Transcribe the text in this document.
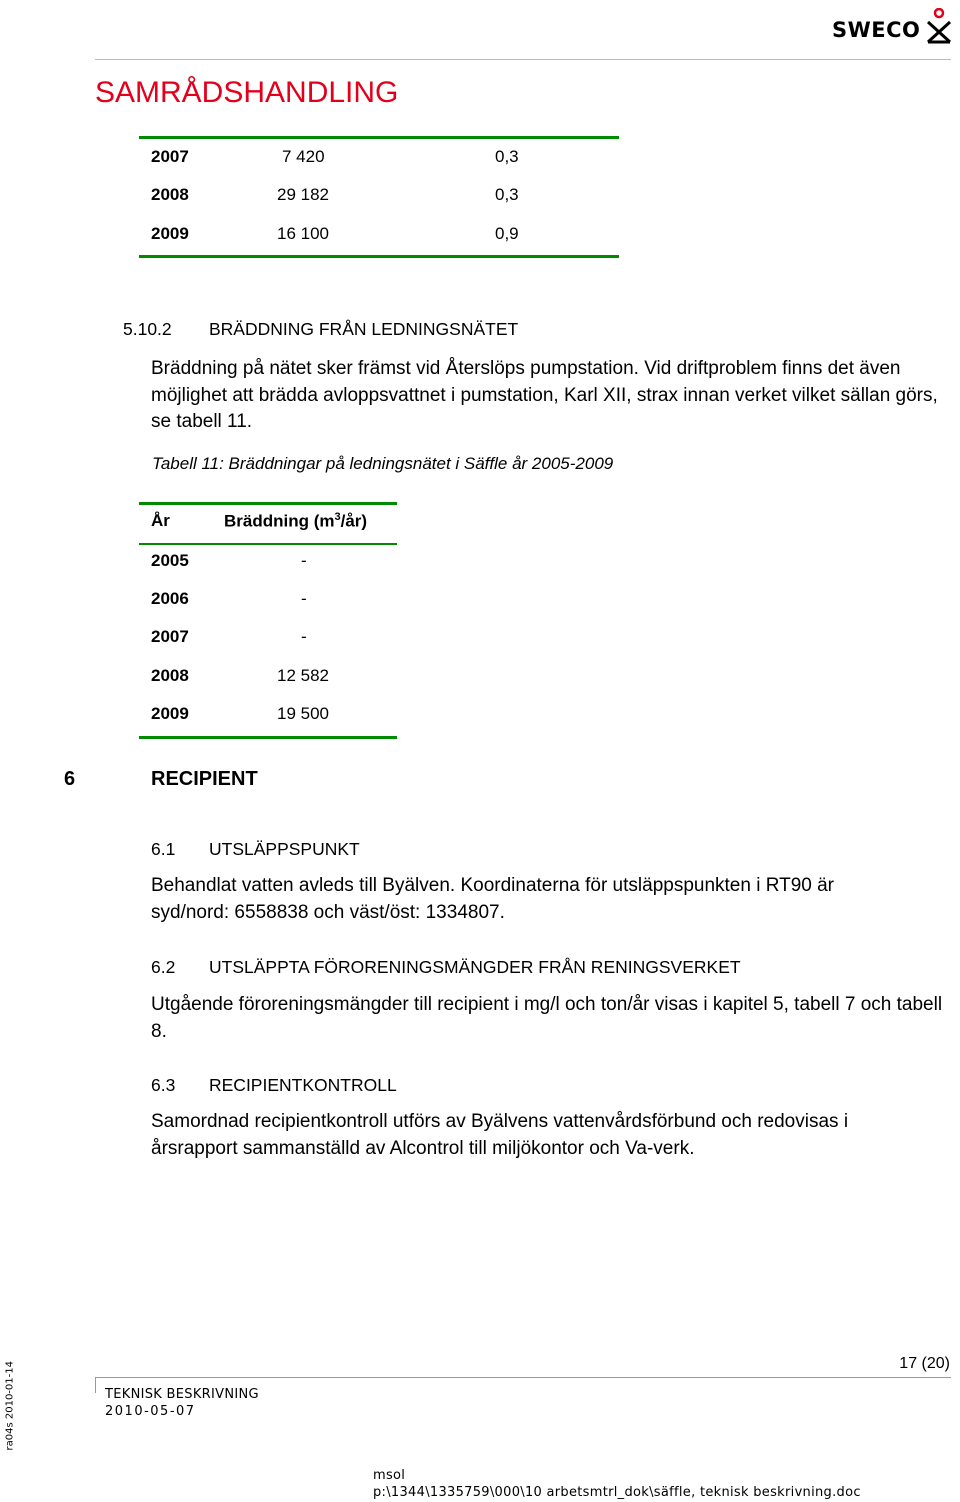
SWECO
SAMRÅDSHANDLING
2007	7 420	0,3
2008	29 182	0,3
2009	16 100	0,9
5.10.2 BRÄDDNING FRÅN LEDNINGSNÄTET
Bräddning på nätet sker främst vid Återslöps pumpstation. Vid driftproblem finns det även möjlighet att brädda avloppsvattnet i pumstation, Karl XII, strax innan verket vilket sällan görs, se tabell 11.
Tabell 11: Bräddningar på ledningsnätet i Säffle år 2005-2009
År	Bräddning $(m^3/år)$
2005	-
2006	-
2007	-
2008	12 582
2009	19 500
6	RECIPIENT
6.1 UTSLÄPPSPUNKT
Behandlat vatten avleds till Byälven. Koordinaterna för utsläppspunkten i RT90 är syd/nord: 6558838 och väst/öst: 1334807.
6.2 UTSLÄPPTA FÖRORENINGSMÄNGDER FRÅN RENINGSVERKET
Utgående föroreningsmängder till recipient i mg/l och ton/år visas i kapitel 5, tabell 7 och tabell 8.
6.3 RECIPIENTKONTROLL
Samordnad recipientkontroll utförs av Byälvens vattenvårdsförbund och redovisas i årsrapport sammanställd av Alcontrol till miljökontor och Va-verk.
17 (20)
TEKNISK BESKRIVNING
2010-05-07
msol
p:\1344\1335759\000\10 arbetsmtrl_dok\säffle, teknisk beskrivning.doc
ra04s 2010-01-14
